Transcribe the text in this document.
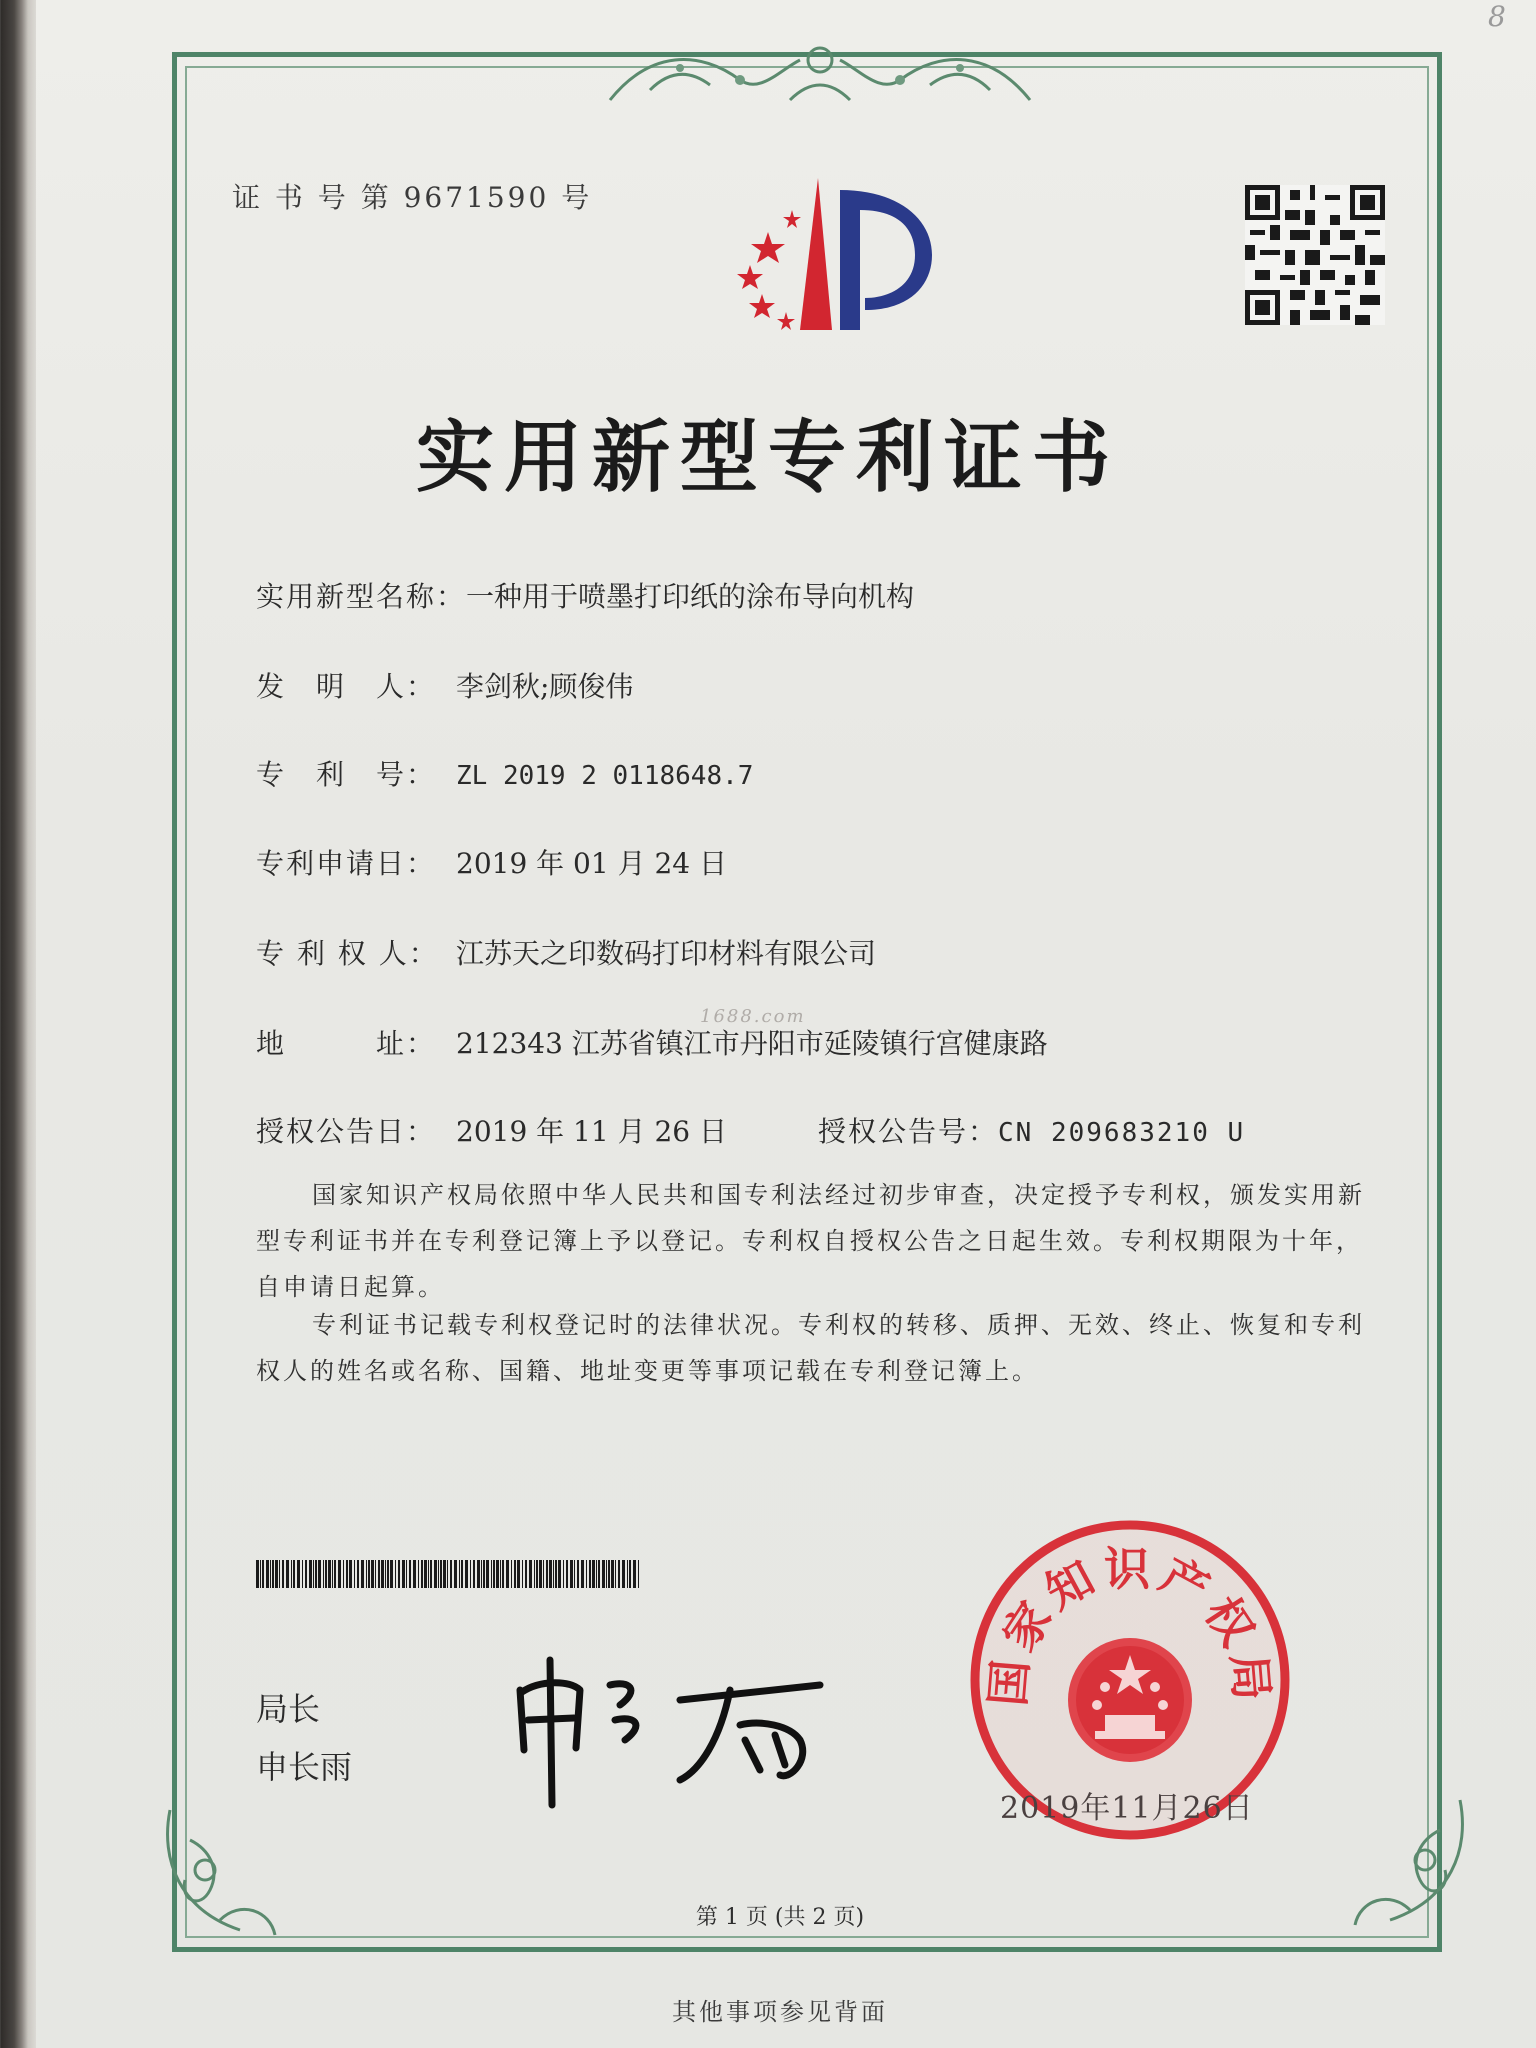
证 书 号 第 9671590 号
实用新型专利证书
实用新型名称：一种用于喷墨打印纸的涂布导向机构
发　明　人： 李剑秋;顾俊伟
专　利　号： ZL 2019 2 0118648.7
专利申请日： 2019 年 01 月 24 日
专 利 权 人： 江苏天之印数码打印材料有限公司
地　　　址： 212343 江苏省镇江市丹阳市延陵镇行宫健康路
1688.com
授权公告日： 2019 年 11 月 26 日	授权公告号：CN 209683210 U
国家知识产权局依照中华人民共和国专利法经过初步审查，决定授予专利权，颁发实用新型专利证书并在专利登记簿上予以登记。专利权自授权公告之日起生效。专利权期限为十年，自申请日起算。
专利证书记载专利权登记时的法律状况。专利权的转移、质押、无效、终止、恢复和专利权人的姓名或名称、国籍、地址变更等事项记载在专利登记簿上。
局长
申长雨
国家知识产权局
2019年11月26日
第 1 页 (共 2 页)
其他事项参见背面
8
